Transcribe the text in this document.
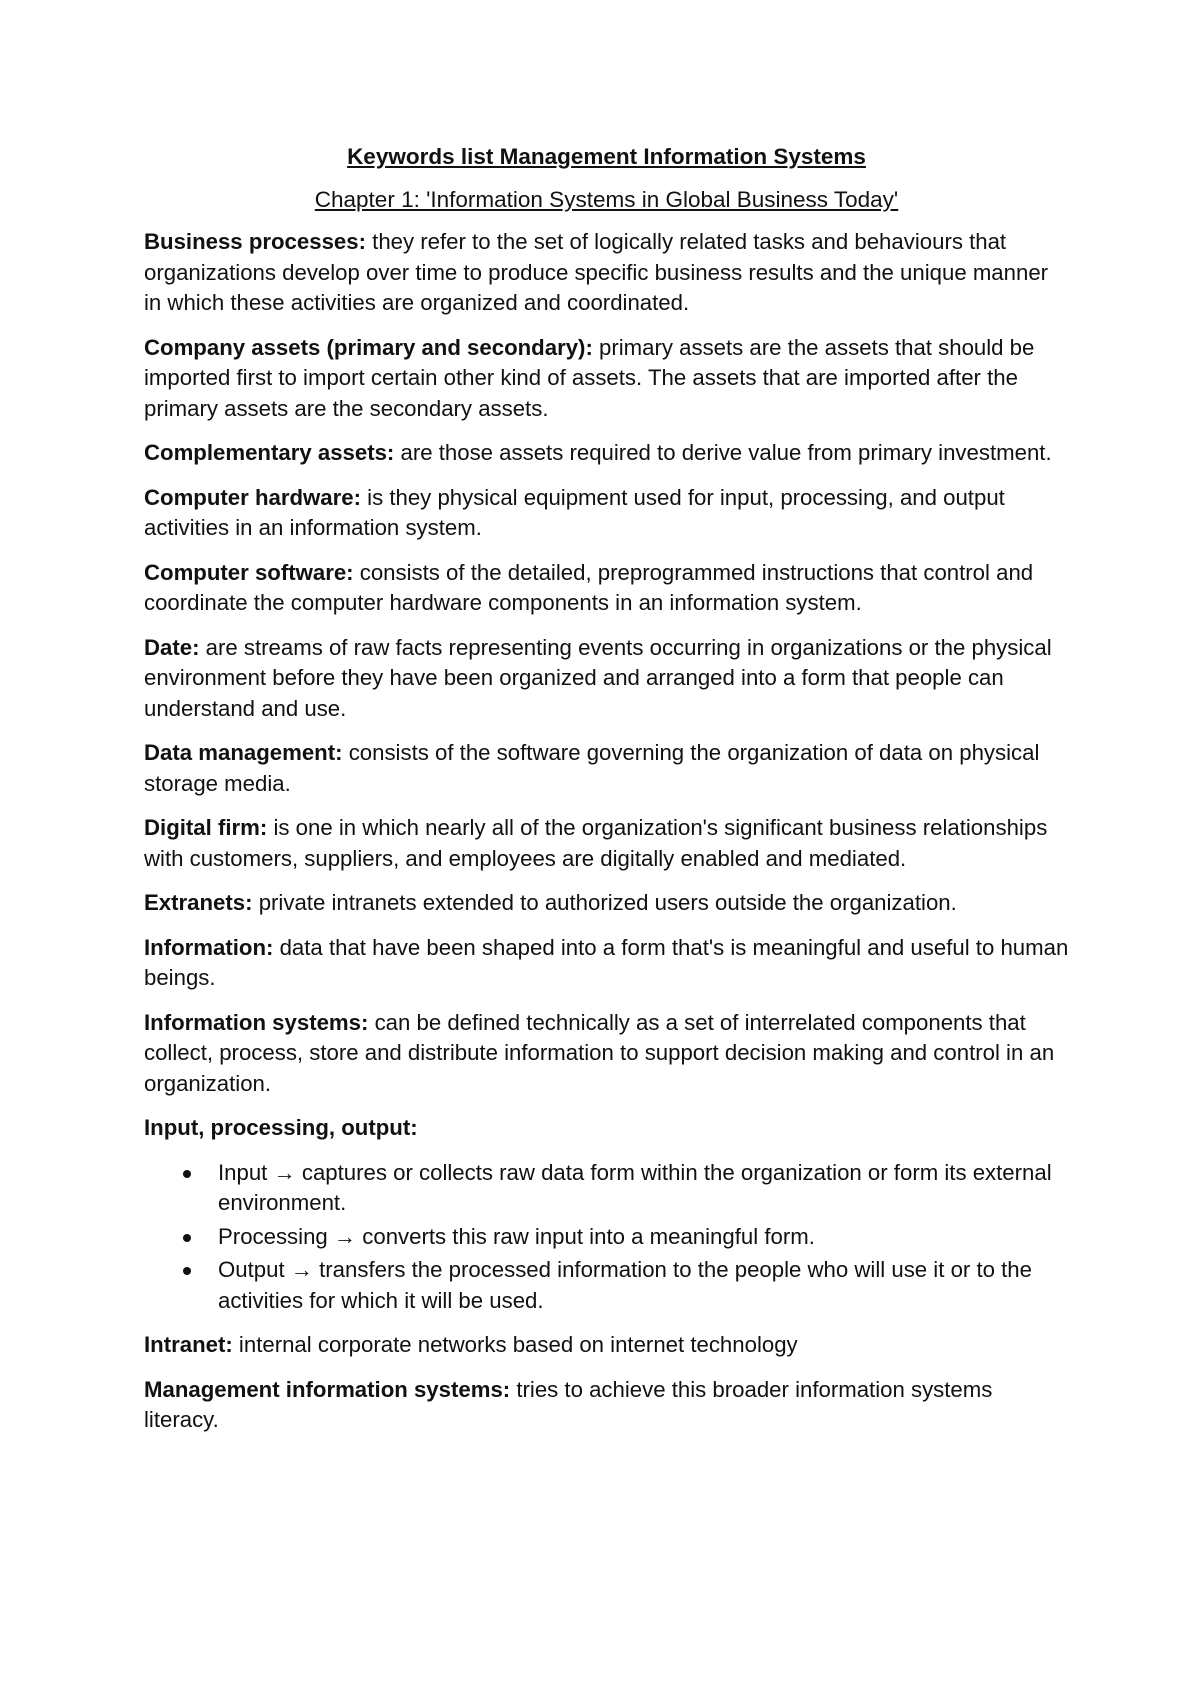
Keywords list Management Information Systems
Chapter 1: 'Information Systems in Global Business Today'

Business processes: they refer to the set of logically related tasks and behaviours that organizations develop over time to produce specific business results and the unique manner in which these activities are organized and coordinated.

Company assets (primary and secondary): primary assets are the assets that should be imported first to import certain other kind of assets. The assets that are imported after the primary assets are the secondary assets.

Complementary assets: are those assets required to derive value from primary investment.

Computer hardware: is they physical equipment used for input, processing, and output activities in an information system.

Computer software: consists of the detailed, preprogrammed instructions that control and coordinate the computer hardware components in an information system.

Date: are streams of raw facts representing events occurring in organizations or the physical environment before they have been organized and arranged into a form that people can understand and use.

Data management: consists of the software governing the organization of data on physical storage media.

Digital firm: is one in which nearly all of the organization's significant business relationships with customers, suppliers, and employees are digitally enabled and mediated.

Extranets: private intranets extended to authorized users outside the organization.

Information: data that have been shaped into a form that's is meaningful and useful to human beings.

Information systems: can be defined technically as a set of interrelated components that collect, process, store and distribute information to support decision making and control in an organization.

Input, processing, output:

Input → captures or collects raw data form within the organization or form its external environment.
Processing → converts this raw input into a meaningful form.
Output → transfers the processed information to the people who will use it or to the activities for which it will be used.

Intranet: internal corporate networks based on internet technology

Management information systems: tries to achieve this broader information systems literacy.
